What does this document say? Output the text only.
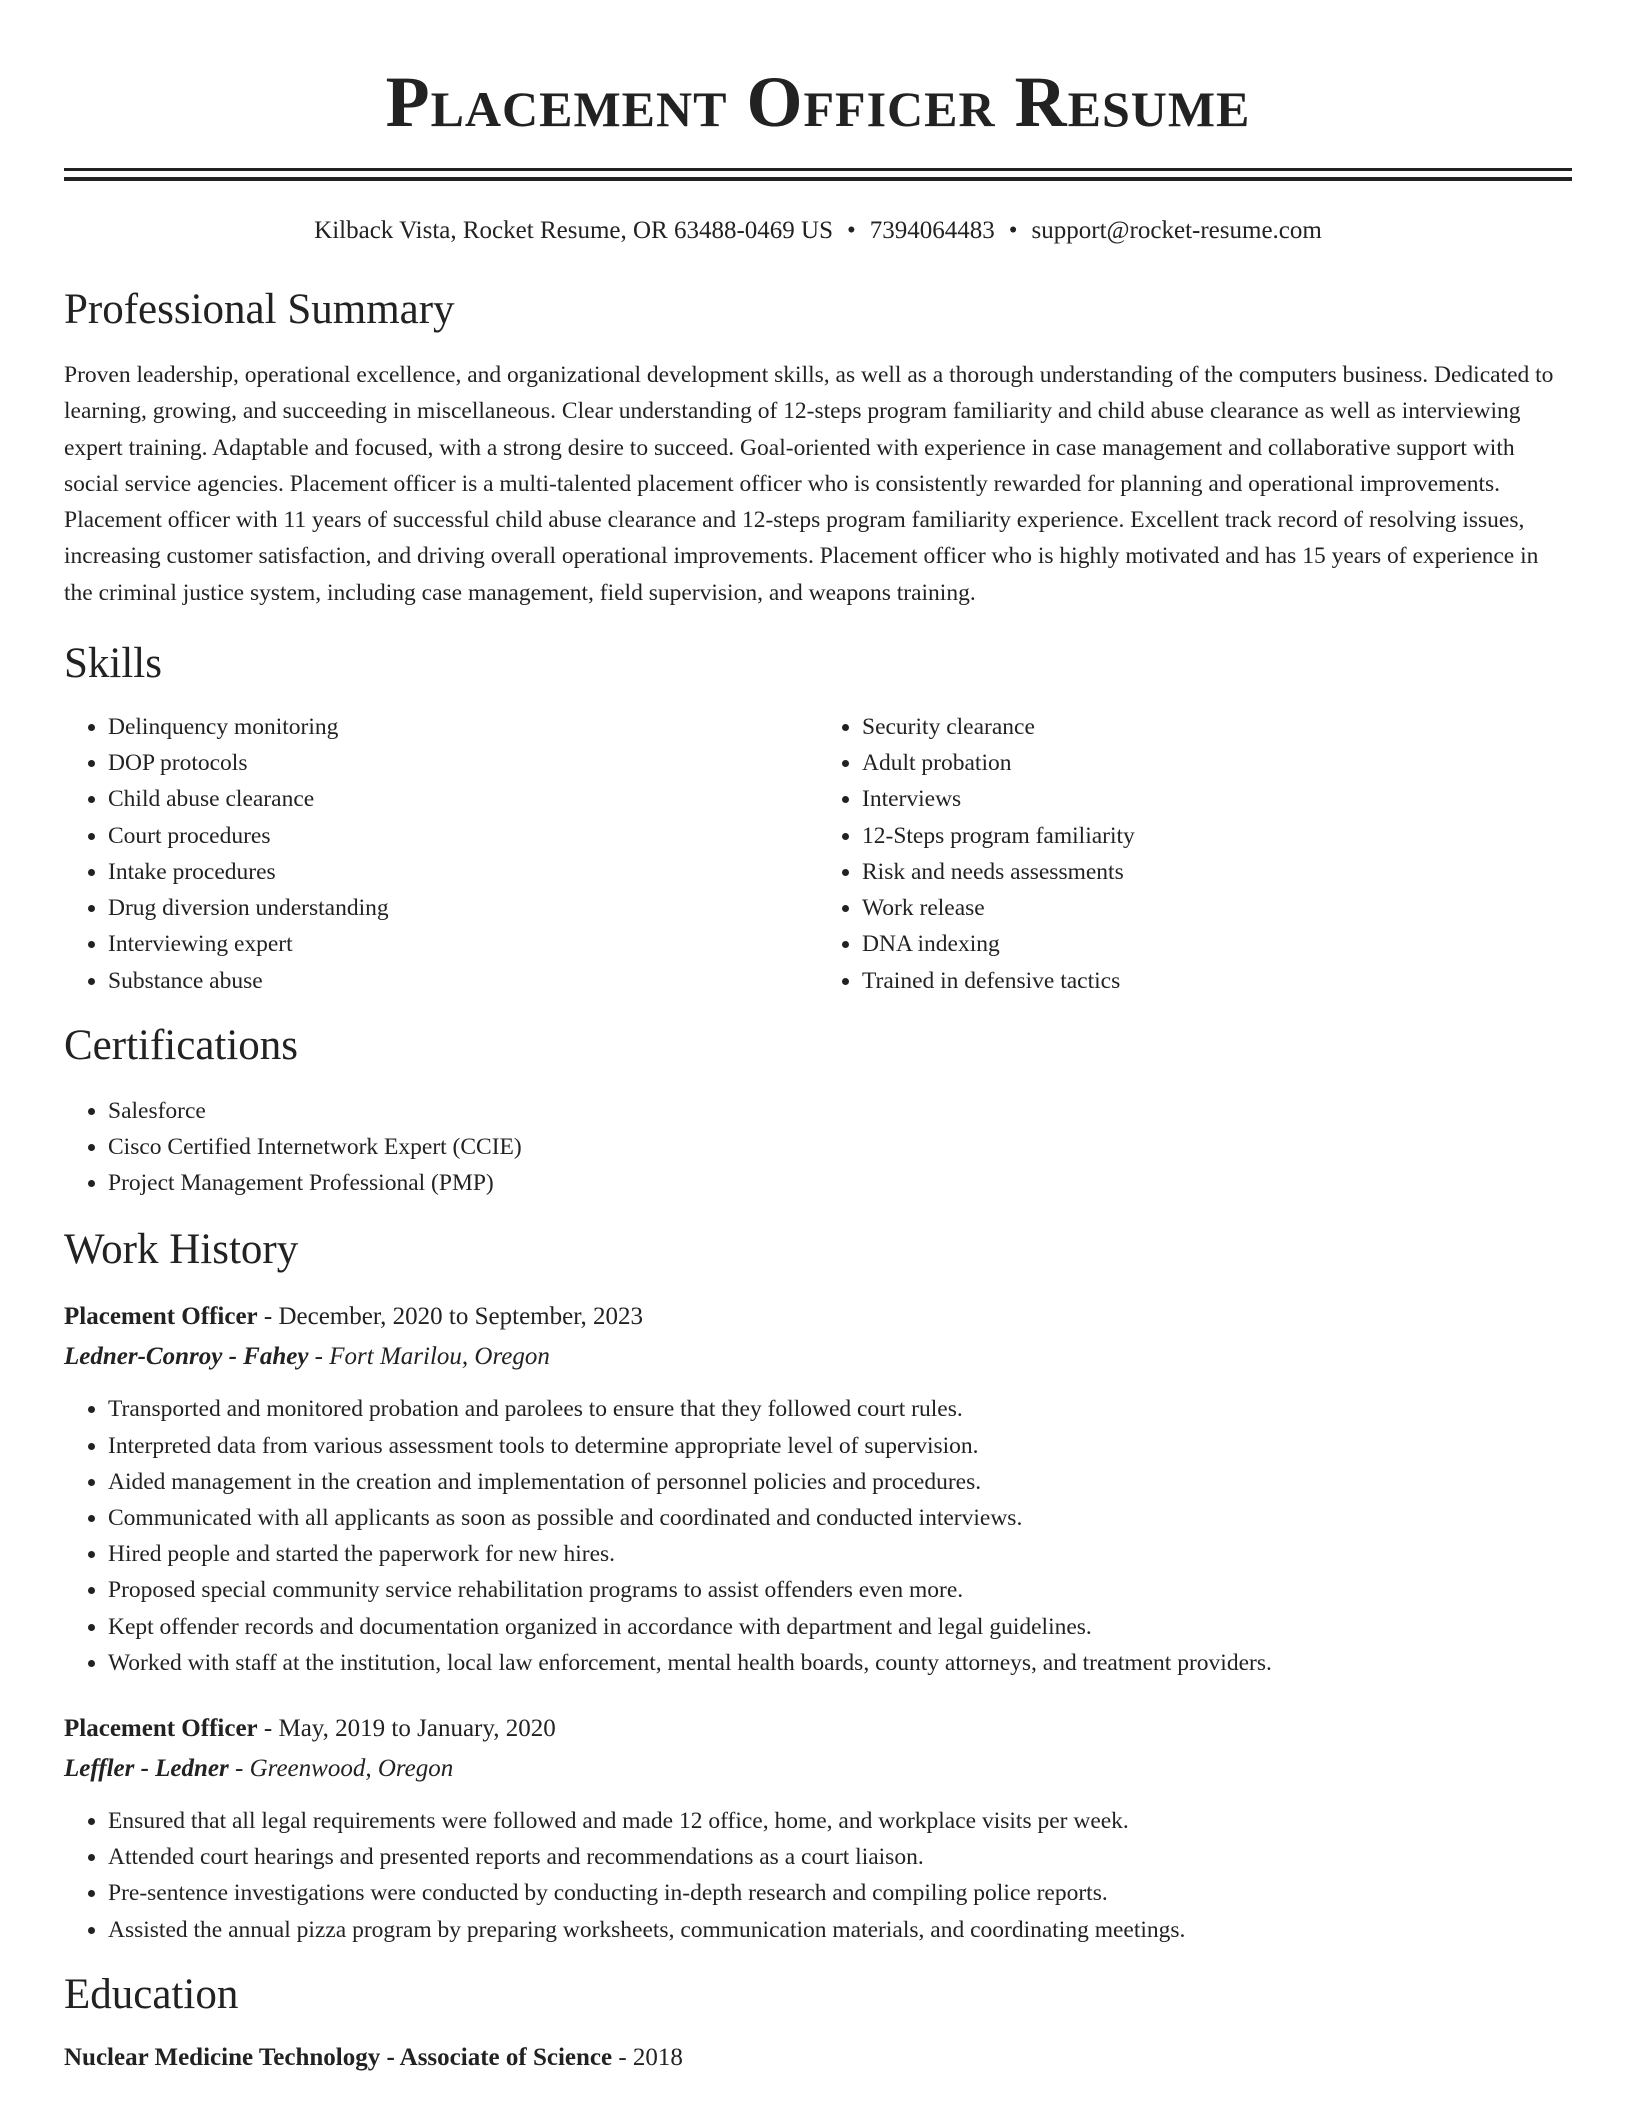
Placement Officer Resume
Kilback Vista, Rocket Resume, OR 63488-0469 US • 7394064483 • support@rocket-resume.com
Professional Summary
Proven leadership, operational excellence, and organizational development skills, as well as a thorough understanding of the computers business. Dedicated to learning, growing, and succeeding in miscellaneous. Clear understanding of 12-steps program familiarity and child abuse clearance as well as interviewing expert training. Adaptable and focused, with a strong desire to succeed. Goal-oriented with experience in case management and collaborative support with social service agencies. Placement officer is a multi-talented placement officer who is consistently rewarded for planning and operational improvements. Placement officer with 11 years of successful child abuse clearance and 12-steps program familiarity experience. Excellent track record of resolving issues, increasing customer satisfaction, and driving overall operational improvements. Placement officer who is highly motivated and has 15 years of experience in the criminal justice system, including case management, field supervision, and weapons training.
Skills
• Delinquency monitoring
• DOP protocols
• Child abuse clearance
• Court procedures
• Intake procedures
• Drug diversion understanding
• Interviewing expert
• Substance abuse
• Security clearance
• Adult probation
• Interviews
• 12-Steps program familiarity
• Risk and needs assessments
• Work release
• DNA indexing
• Trained in defensive tactics
Certifications
• Salesforce
• Cisco Certified Internetwork Expert (CCIE)
• Project Management Professional (PMP)
Work History
Placement Officer - December, 2020 to September, 2023
Ledner-Conroy - Fahey - Fort Marilou, Oregon
• Transported and monitored probation and parolees to ensure that they followed court rules.
• Interpreted data from various assessment tools to determine appropriate level of supervision.
• Aided management in the creation and implementation of personnel policies and procedures.
• Communicated with all applicants as soon as possible and coordinated and conducted interviews.
• Hired people and started the paperwork for new hires.
• Proposed special community service rehabilitation programs to assist offenders even more.
• Kept offender records and documentation organized in accordance with department and legal guidelines.
• Worked with staff at the institution, local law enforcement, mental health boards, county attorneys, and treatment providers.
Placement Officer - May, 2019 to January, 2020
Leffler - Ledner - Greenwood, Oregon
• Ensured that all legal requirements were followed and made 12 office, home, and workplace visits per week.
• Attended court hearings and presented reports and recommendations as a court liaison.
• Pre-sentence investigations were conducted by conducting in-depth research and compiling police reports.
• Assisted the annual pizza program by preparing worksheets, communication materials, and coordinating meetings.
Education
Nuclear Medicine Technology - Associate of Science - 2018
